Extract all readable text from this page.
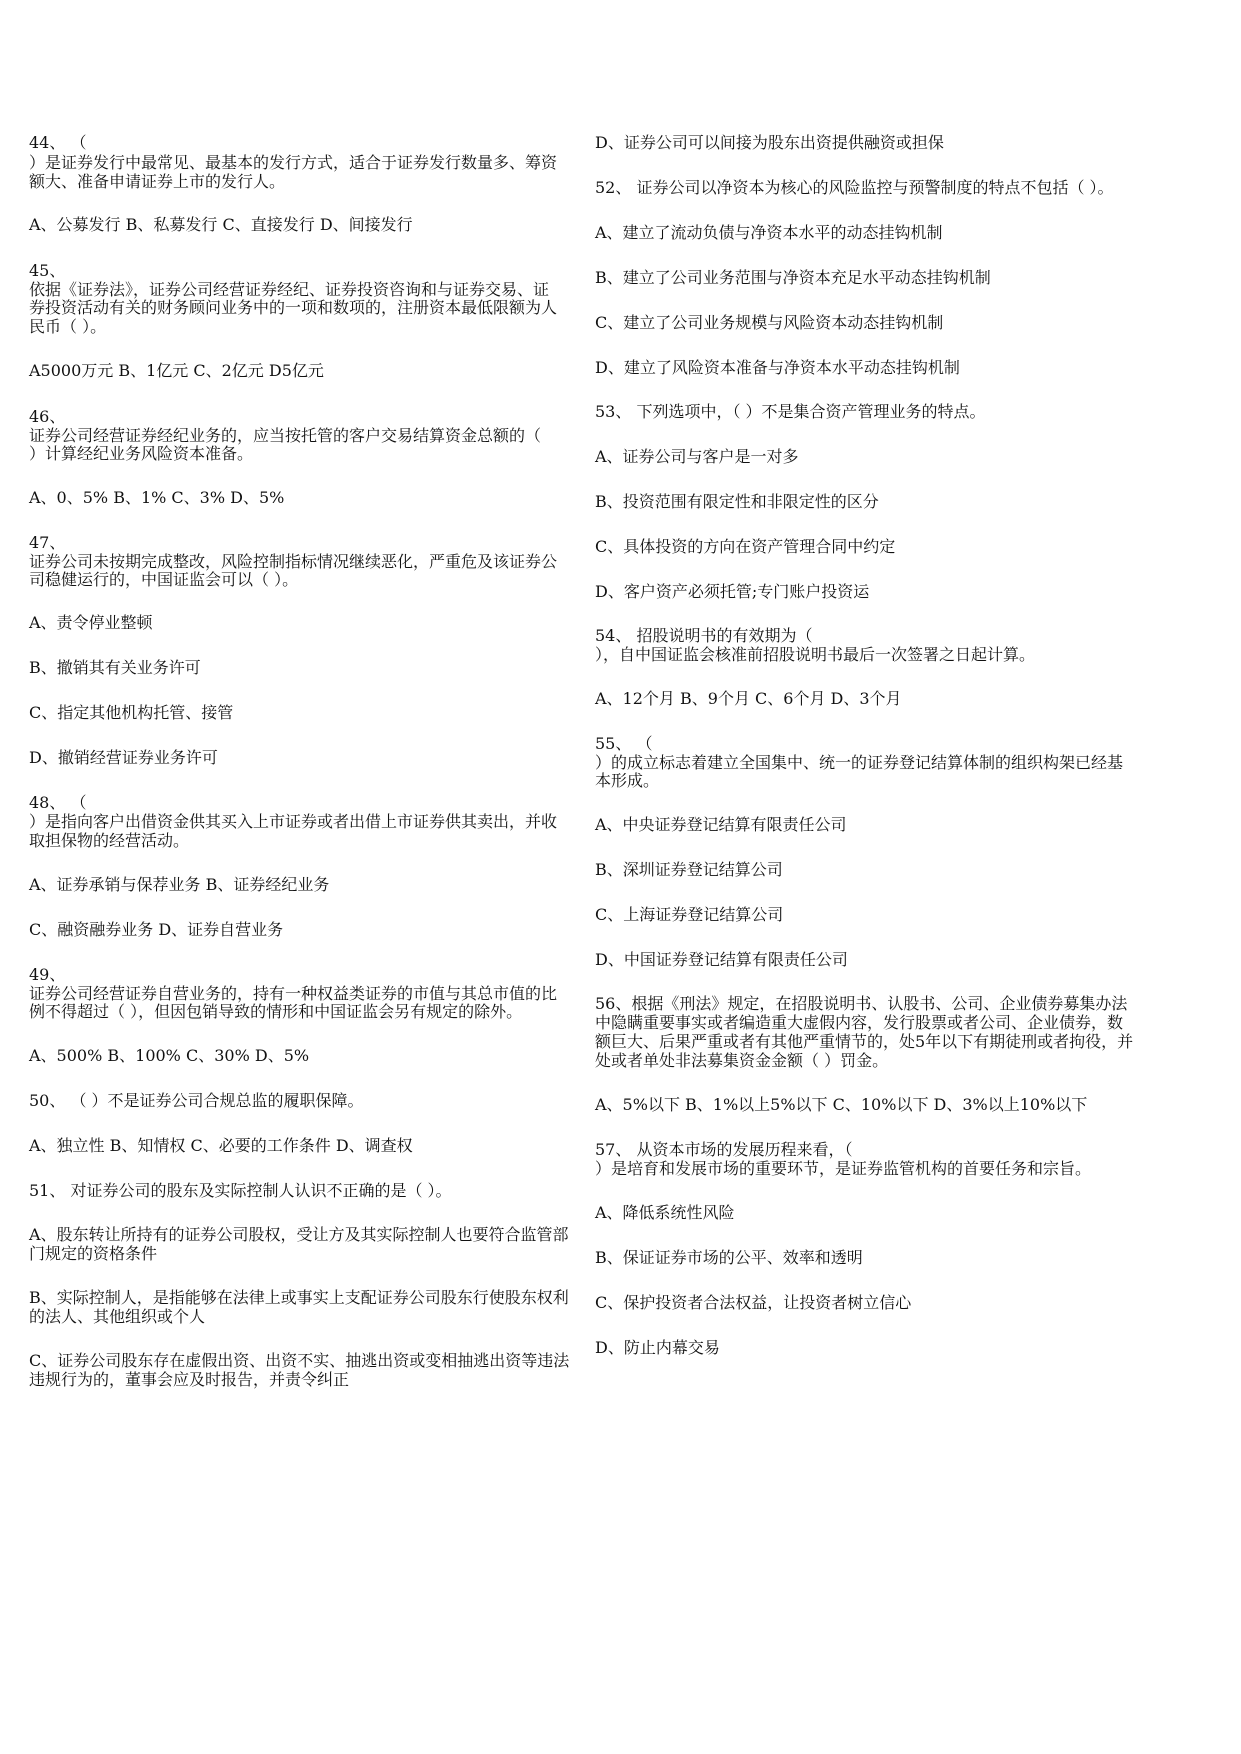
44、 （
）是证券发行中最常见、最基本的发行方式，适合于证券发行数量多、筹资
额大、准备申请证券上市的发行人。
A、公募发行 B、私募发行 C、直接发行 D、间接发行
45、
依据《证券法》，证券公司经营证券经纪、证券投资咨询和与证券交易、证
券投资活动有关的财务顾问业务中的一项和数项的，注册资本最低限额为人
民币（ ）。
A5000万元 B、1亿元 C、2亿元 D5亿元
46、
证券公司经营证券经纪业务的，应当按托管的客户交易结算资金总额的（
）计算经纪业务风险资本准备。
A、0、5% B、1% C、3% D、5%
47、
证券公司未按期完成整改，风险控制指标情况继续恶化，严重危及该证券公
司稳健运行的，中国证监会可以（ ）。
A、责令停业整顿
B、撤销其有关业务许可
C、指定其他机构托管、接管
D、撤销经营证券业务许可
48、 （
）是指向客户出借资金供其买入上市证券或者出借上市证券供其卖出，并收
取担保物的经营活动。
A、证券承销与保荐业务 B、证券经纪业务
C、融资融券业务 D、证券自营业务
49、
证券公司经营证券自营业务的，持有一种权益类证券的市值与其总市值的比
例不得超过（ ），但因包销导致的情形和中国证监会另有规定的除外。
A、500% B、100% C、30% D、5%
50、 （ ）不是证券公司合规总监的履职保障。
A、独立性 B、知情权 C、必要的工作条件 D、调查权
51、 对证券公司的股东及实际控制人认识不正确的是（ ）。
A、股东转让所持有的证券公司股权，受让方及其实际控制人也要符合监管部
门规定的资格条件
B、实际控制人，是指能够在法律上或事实上支配证券公司股东行使股东权利
的法人、其他组织或个人
C、证券公司股东存在虚假出资、出资不实、抽逃出资或变相抽逃出资等违法
违规行为的，董事会应及时报告，并责令纠正
D、证券公司可以间接为股东出资提供融资或担保
52、 证券公司以净资本为核心的风险监控与预警制度的特点不包括（ ）。
A、建立了流动负债与净资本水平的动态挂钩机制
B、建立了公司业务范围与净资本充足水平动态挂钩机制
C、建立了公司业务规模与风险资本动态挂钩机制
D、建立了风险资本准备与净资本水平动态挂钩机制
53、 下列选项中，（ ）不是集合资产管理业务的特点。
A、证券公司与客户是一对多
B、投资范围有限定性和非限定性的区分
C、具体投资的方向在资产管理合同中约定
D、客户资产必须托管;专门账户投资运
54、 招股说明书的有效期为（
），自中国证监会核准前招股说明书最后一次签署之日起计算。
A、12个月 B、9个月 C、6个月 D、3个月
55、 （
）的成立标志着建立全国集中、统一的证券登记结算体制的组织构架已经基
本形成。
A、中央证券登记结算有限责任公司
B、深圳证券登记结算公司
C、上海证券登记结算公司
D、中国证券登记结算有限责任公司
56、根据《刑法》规定，在招股说明书、认股书、公司、企业债券募集办法
中隐瞒重要事实或者编造重大虚假内容，发行股票或者公司、企业债券，数
额巨大、后果严重或者有其他严重情节的，处5年以下有期徒刑或者拘役，并
处或者单处非法募集资金金额（ ）罚金。
A、5%以下 B、1%以上5%以下 C、10%以下 D、3%以上10%以下
57、 从资本市场的发展历程来看，（
）是培育和发展市场的重要环节，是证券监管机构的首要任务和宗旨。
A、降低系统性风险
B、保证证券市场的公平、效率和透明
C、保护投资者合法权益，让投资者树立信心
D、防止内幕交易
